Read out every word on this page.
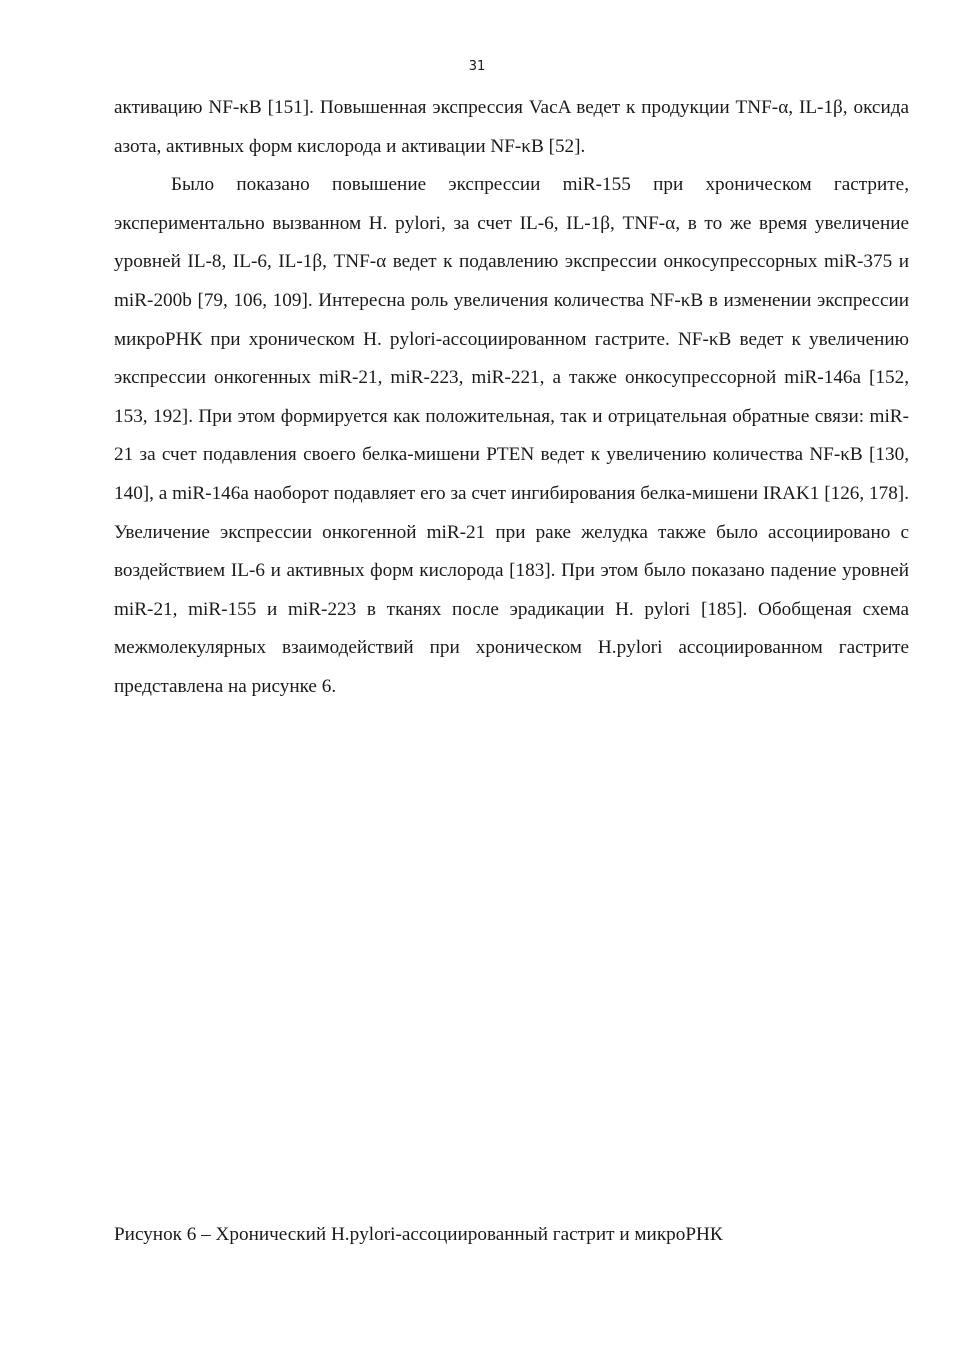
31

активацию NF-κB [151]. Повышенная экспрессия VacA ведет к продукции TNF-α, IL-1β, оксида азота, активных форм кислорода и активации NF-κB [52].

Было показано повышение экспрессии miR-155 при хроническом гастрите, экспериментально вызванном H. pylori, за счет IL-6, IL-1β, TNF-α, в то же время увеличение уровней IL-8, IL-6, IL-1β, TNF-α ведет к подавлению экспрессии онкосупрессорных miR-375 и miR-200b [79, 106, 109]. Интересна роль увеличения количества NF-κB в изменении экспрессии микроРНК при хроническом H. pylori-ассоциированном гастрите. NF-κB ведет к увеличению экспрессии онкогенных miR-21, miR-223, miR-221, а также онкосупрессорной miR-146a [152, 153, 192]. При этом формируется как положительная, так и отрицательная обратные связи: miR-21 за счет подавления своего белка-мишени PTEN ведет к увеличению количества NF-κB [130, 140], а miR-146a наоборот подавляет его за счет ингибирования белка-мишени IRAK1 [126, 178]. Увеличение экспрессии онкогенной miR-21 при раке желудка также было ассоциировано с воздействием IL-6 и активных форм кислорода [183]. При этом было показано падение уровней miR-21, miR-155 и miR-223 в тканях после эрадикации H. pylori [185]. Обобщеная схема межмолекулярных взаимодействий при хроническом H.pylori ассоциированном гастрите представлена на рисунке 6.

Рисунок 6 – Хронический H.pylori-ассоциированный гастрит и микроРНК
